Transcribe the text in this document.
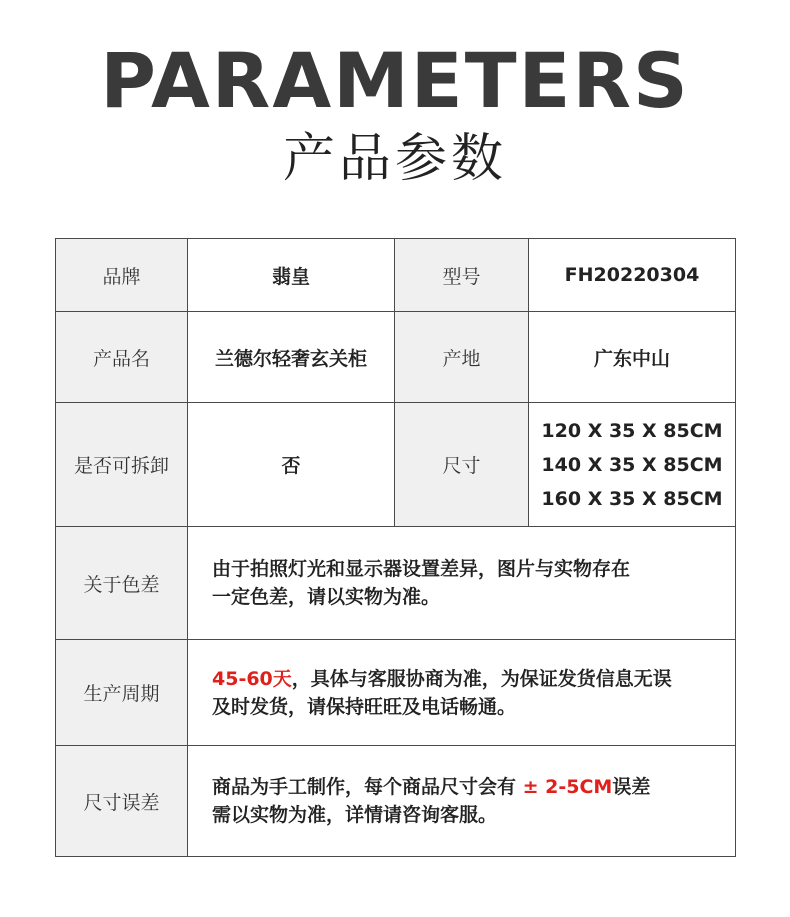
PARAMETERS
产品参数
品牌	翡皇	型号	FH20220304
产品名	兰德尔轻奢玄关柜	产地	广东中山
是否可拆卸	否	尺寸	120 X 35 X 85CM
140 X 35 X 85CM
160 X 35 X 85CM

关于色差	由于拍照灯光和显示器设置差异，图片与实物存在
一定色差，请以实物为准。		

生产周期	45-60天，具体与客服协商为准，为保证发货信息无误
及时发货，请保持旺旺及电话畅通。		

尺寸误差	商品为手工制作，每个商品尺寸会有 ± 2-5CM误差
需以实物为准，详情请咨询客服。		
